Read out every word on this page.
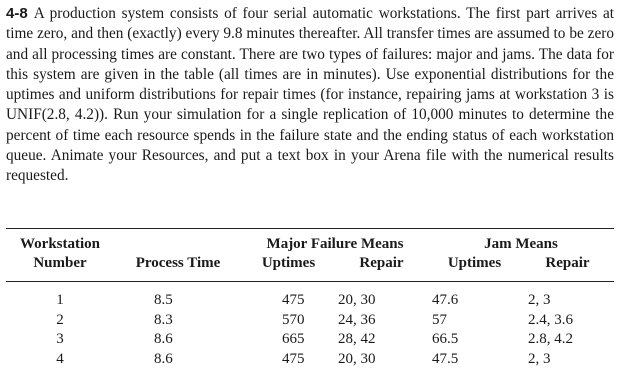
4-8 A production system consists of four serial automatic workstations. The first part arrives at time zero, and then (exactly) every 9.8 minutes thereafter. All transfer times are assumed to be zero and all processing times are constant. There are two types of failures: major and jams. The data for this system are given in the table (all times are in minutes). Use exponential distributions for the uptimes and uniform distributions for repair times (for instance, repairing jams at workstation 3 is UNIF(2.8, 4.2)). Run your simulation for a single replication of 10,000 minutes to determine the percent of time each resource spends in the failure state and the ending status of each workstation queue. Animate your Resources, and put a text box in your Arena file with the numerical results requested.

Workstation		Major Failure Means		Jam Means	
Number	Process Time	Uptimes	Repair	Uptimes	Repair
1	8.5	475	20, 30	47.6	2, 3
2	8.3	570	24, 36	57	2.4, 3.6
3	8.6	665	28, 42	66.5	2.8, 4.2
4	8.6	475	20, 30	47.5	2, 3
